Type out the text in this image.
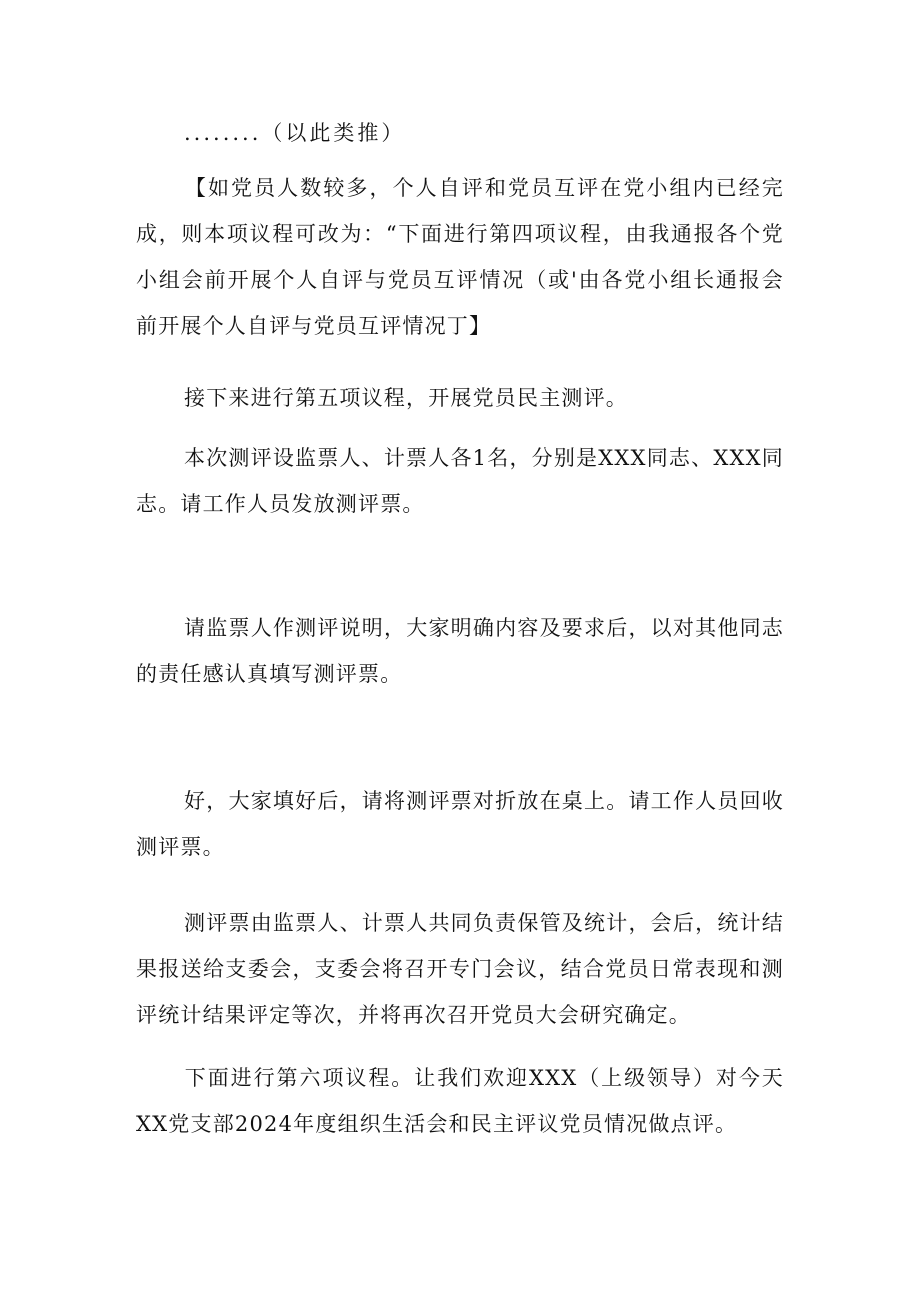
........（以此类推）

【如党员人数较多，个人自评和党员互评在党小组内已经完成，则本项议程可改为：“下面进行第四项议程，由我通报各个党小组会前开展个人自评与党员互评情况（或'由各党小组长通报会前开展个人自评与党员互评情况丁】

接下来进行第五项议程，开展党员民主测评。

本次测评设监票人、计票人各1名，分别是XXX同志、XXX同志。请工作人员发放测评票。

请监票人作测评说明，大家明确内容及要求后，以对其他同志的责任感认真填写测评票。

好，大家填好后，请将测评票对折放在桌上。请工作人员回收测评票。

测评票由监票人、计票人共同负责保管及统计，会后，统计结果报送给支委会，支委会将召开专门会议，结合党员日常表现和测评统计结果评定等次，并将再次召开党员大会研究确定。

下面进行第六项议程。让我们欢迎XXX（上级领导）对今天XX党支部2024年度组织生活会和民主评议党员情况做点评。
